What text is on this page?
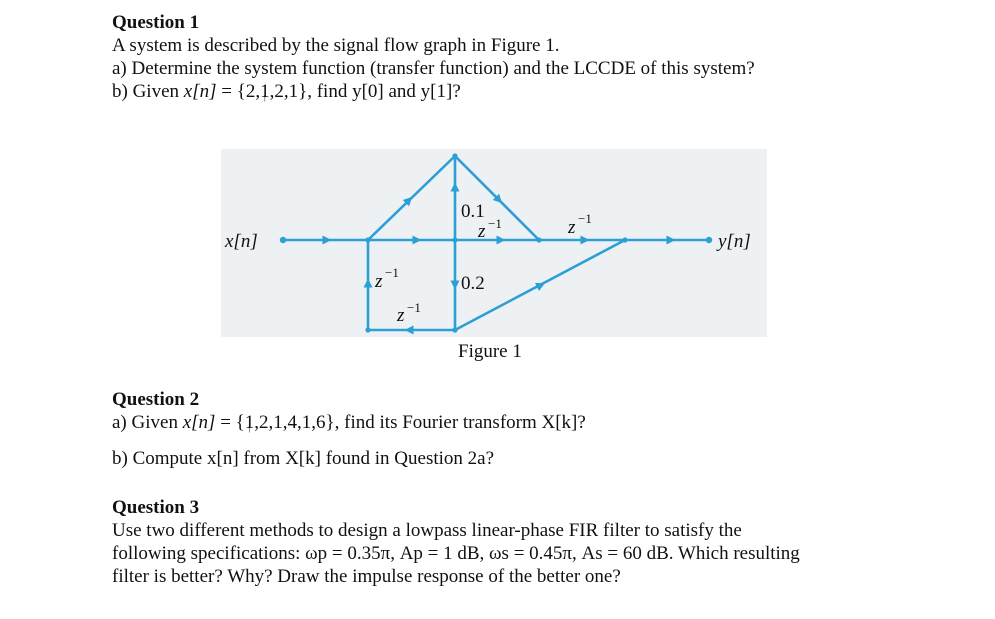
Question 1

A system is described by the signal flow graph in Figure 1.

a) Determine the system function (transfer function) and the LCCDE of this system?

b) Given x[n] = {2,1 ↑,2,1}, find y[0] and y[1]?

x[n]	y[n]
0.1
0.2
z −1	z −1
z −1
z −1
Figure 1

Question 2

a) Given x[n] = {1 ↑,2,1,4,1,6}, find its Fourier transform X[k]?

b) Compute x[n] from X[k] found in Question 2a?

Question 3

Use two different methods to design a lowpass linear-phase FIR filter to satisfy the

following specifications: ωp = 0.35π, Ap = 1 dB, ωs = 0.45π, As = 60 dB. Which resulting

filter is better? Why? Draw the impulse response of the better one?
